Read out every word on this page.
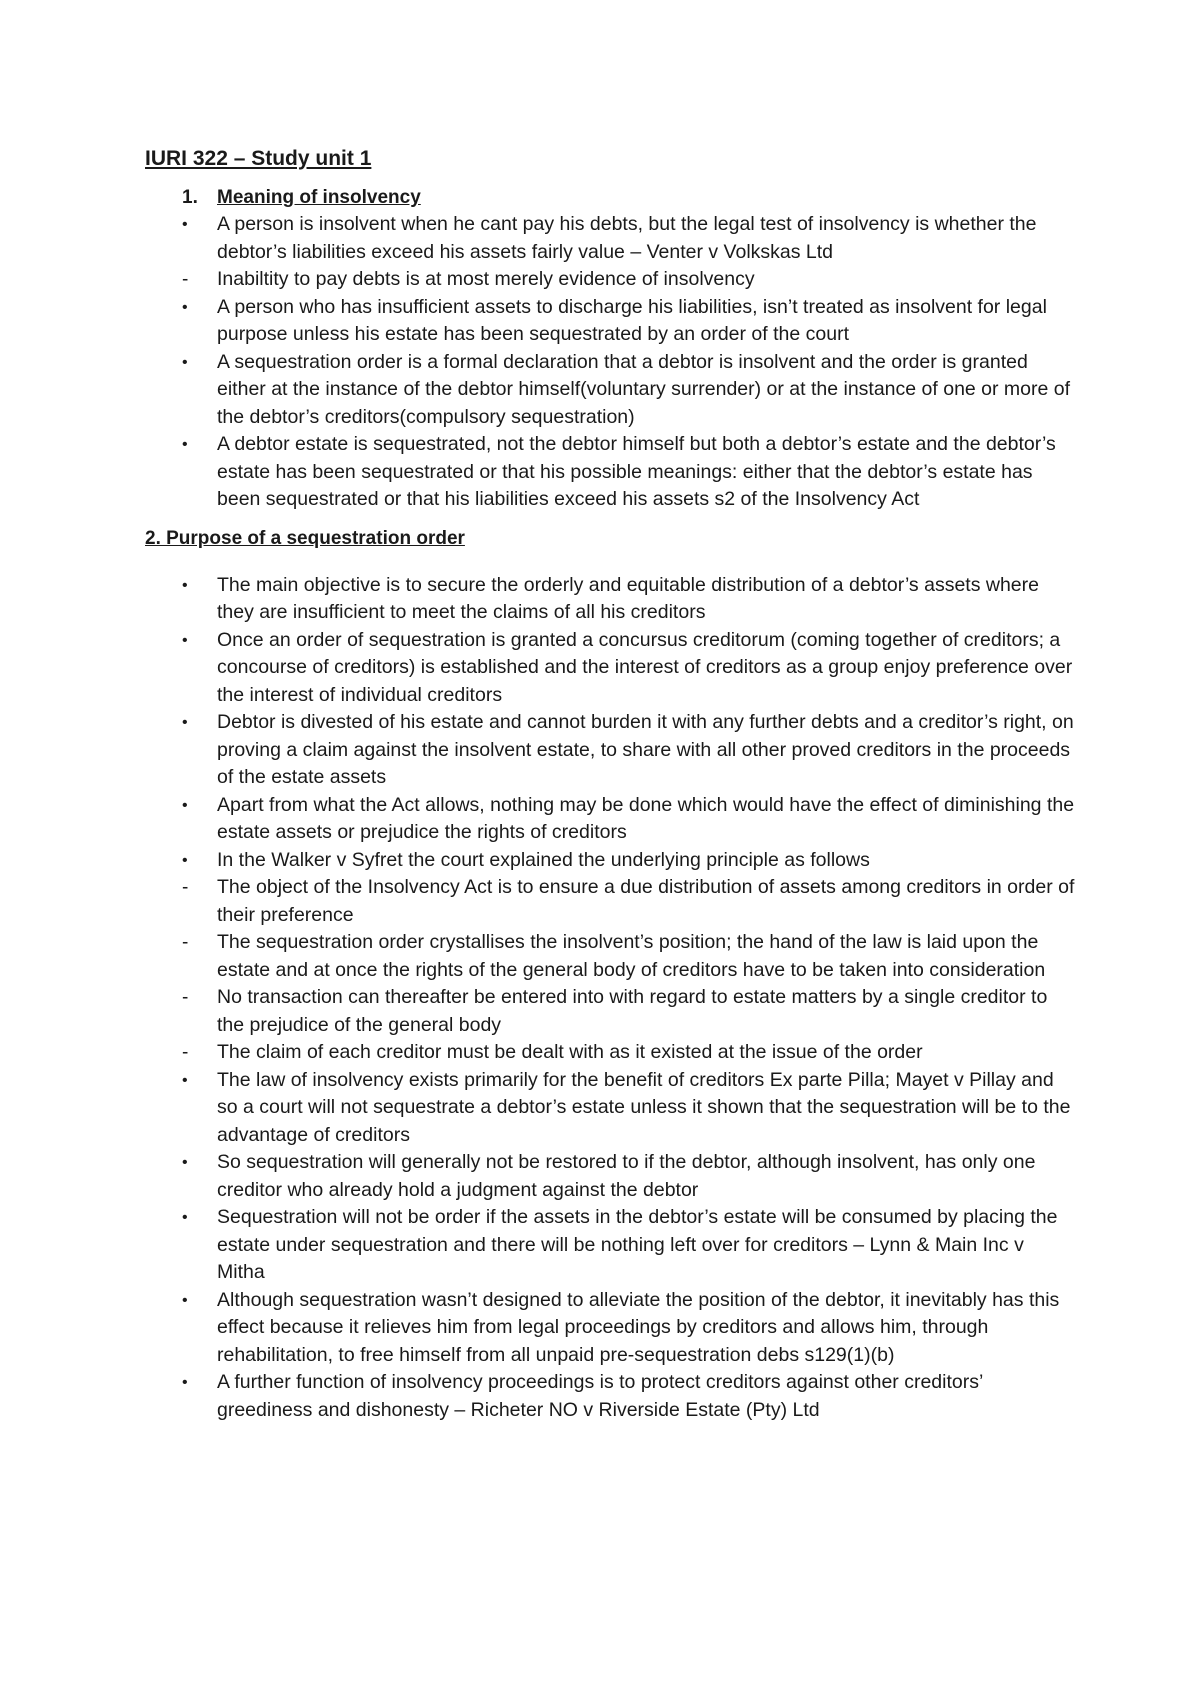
IURI 322 – Study unit 1
1.	Meaning of insolvency
•	A person is insolvent when he cant pay his debts, but the legal test of insolvency is whether the debtor’s liabilities exceed his assets fairly value – Venter v Volkskas Ltd
-	Inabiltity to pay debts is at most merely evidence of insolvency
•	A person who has insufficient assets to discharge his liabilities, isn’t treated as insolvent for legal purpose unless his estate has been sequestrated by an order of the court
•	A sequestration order is a formal declaration that a debtor is insolvent and the order is granted either at the instance of the debtor himself(voluntary surrender) or at the instance of one or more of the debtor’s creditors(compulsory sequestration)
•	A debtor estate is sequestrated, not the debtor himself but both a debtor’s estate and the debtor’s estate has been sequestrated or that his possible meanings: either that the debtor’s estate has been sequestrated or that his liabilities exceed his assets s2 of the Insolvency Act
2. Purpose of a sequestration order
•	The main objective is to secure the orderly and equitable distribution of a debtor’s assets where they are insufficient to meet the claims of all his creditors
•	Once an order of sequestration is granted a concursus creditorum (coming together of creditors; a concourse of creditors) is established and the interest of creditors as a group enjoy preference over the interest of individual creditors
•	Debtor is divested of his estate and cannot burden it with any further debts and a creditor’s right, on proving a claim against the insolvent estate, to share with all other proved creditors in the proceeds of the estate assets
•	Apart from what the Act allows, nothing may be done which would have the effect of diminishing the estate assets or prejudice the rights of creditors
•	In the Walker v Syfret the court explained the underlying principle as follows
-	The object of the Insolvency Act is to ensure a due distribution of assets among creditors in order of their preference
-	The sequestration order crystallises the insolvent’s position; the hand of the law is laid upon the estate and at once the rights of the general body of creditors have to be taken into consideration
-	No transaction can thereafter be entered into with regard to estate matters by a single creditor to the prejudice of the general body
-	The claim of each creditor must be dealt with as it existed at the issue of the order
•	The law of insolvency exists primarily for the benefit of creditors Ex parte Pilla; Mayet v Pillay and so a court will not sequestrate a debtor’s estate unless it shown that the sequestration will be to the advantage of creditors
•	So sequestration will generally not be restored to if the debtor, although insolvent, has only one creditor who already hold a judgment against the debtor
•	Sequestration will not be order if the assets in the debtor’s estate will be consumed by placing the estate under sequestration and there will be nothing left over for creditors – Lynn & Main Inc v Mitha
•	Although sequestration wasn’t designed to alleviate the position of the debtor, it inevitably has this effect because it relieves him from legal proceedings by creditors and allows him, through rehabilitation, to free himself from all unpaid pre-sequestration debs s129(1)(b)
•	A further function of insolvency proceedings is to protect creditors against other creditors’ greediness and dishonesty – Richeter NO v Riverside Estate (Pty) Ltd
